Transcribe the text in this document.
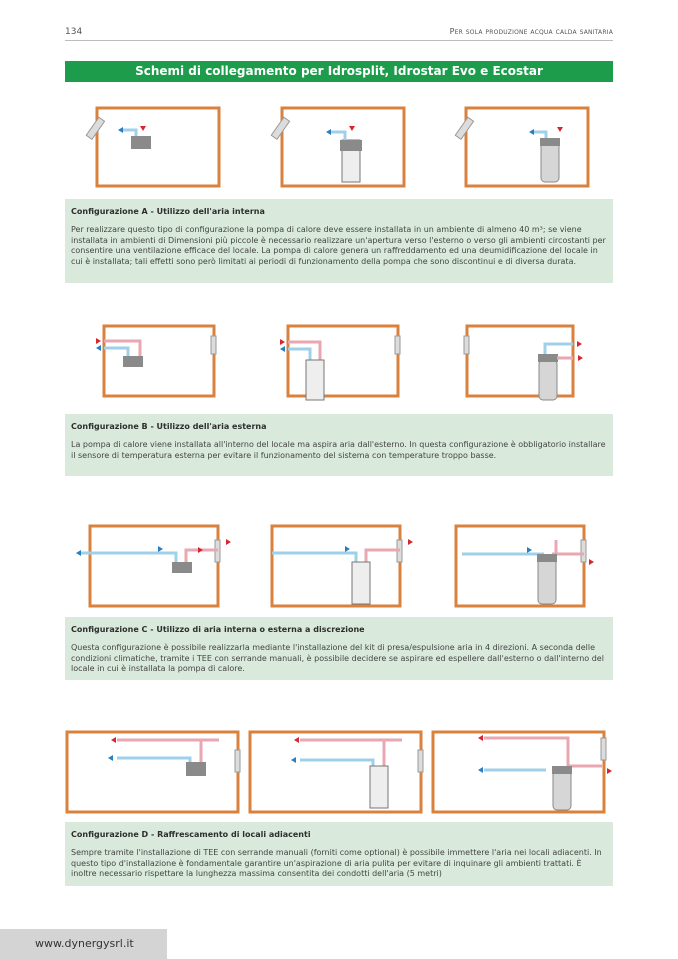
134	Per sola produzione acqua calda sanitaria
Schemi di collegamento per Idrosplit, Idrostar Evo e Ecostar
Configurazione A - Utilizzo dell'aria interna

Per realizzare questo tipo di configurazione la pompa di calore deve essere installata in un ambiente di almeno 40 m³; se viene installata in ambienti di Dimensioni più piccole è necessario realizzare un'apertura verso l'esterno o verso gli ambienti circostanti per consentire una ventilazione efficace del locale. La pompa di calore genera un raffreddamento ed una deumidificazione del locale in cui è installata; tali effetti sono però limitati ai periodi di funzionamento della pompa che sono discontinui e di diversa durata.

Configurazione B - Utilizzo dell'aria esterna

La pompa di calore viene installata all'interno del locale ma aspira aria dall'esterno. In questa configurazione è obbligatorio installare il sensore di temperatura esterna per evitare il funzionamento del sistema con temperature troppo basse.

Configurazione C - Utilizzo di aria interna o esterna a discrezione

Questa configurazione è possibile realizzarla mediante l'installazione del kit di presa/espulsione aria in 4 direzioni. A seconda delle condizioni climatiche, tramite i TEE con serrande manuali, è possibile decidere se aspirare ed espellere dall'esterno o dall'interno del locale in cui è installata la pompa di calore.

Configurazione D - Raffrescamento di locali adiacenti

Sempre tramite l'installazione di TEE con serrande manuali (forniti come optional) è possibile immettere l'aria nei locali adiacenti. In questo tipo d'installazione è fondamentale garantire un'aspirazione di aria pulita per evitare di inquinare gli ambienti trattati. È inoltre necessario rispettare la lunghezza massima consentita dei condotti dell'aria (5 metri)

www.dynergysrl.it
